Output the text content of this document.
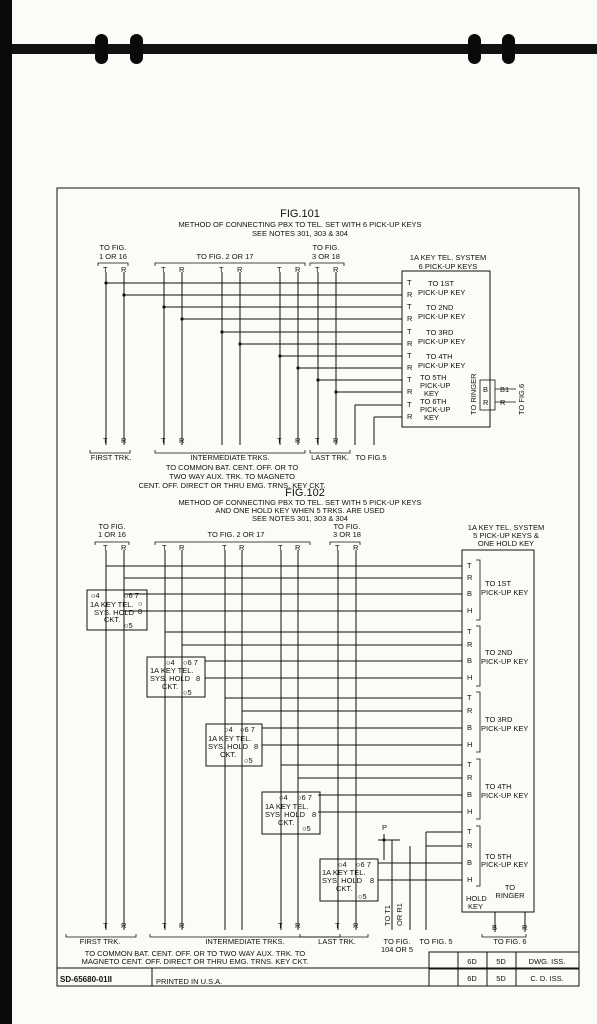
FIG.101
METHOD OF CONNECTING PBX TO TEL. SET WITH 6 PICK-UP KEYS
SEE NOTES 301, 303 & 304
TO FIG.
1 OR 16	TO FIG. 2 OR 17
TO FIG.
3 OR 18
T R	T R	T R	T R T R
T R	T R	T R T R
1A KEY TEL. SYSTEM
6 PICK-UP KEYS
T
R
T
R
T
R
T
R
T
R
T
R
TO 1ST
PICK-UP KEY
TO 2ND
PICK-UP KEY
TO 3RD
PICK-UP KEY
TO 4TH
PICK-UP KEY
TO 5TH
PICK-UP
KEY
TO 6TH
PICK-UP
KEY
TO RINGER B
R
B1
R TO FIG.6
FIRST TRK.	INTERMEDIATE TRKS.	LAST TRK. TO FIG.5
TO COMMON BAT. CENT. OFF. OR TO
TWO WAY AUX. TRK. TO MAGNETO
CENT. OFF. DIRECT OR THRU EMG. TRNS. KEY CKT.
FIG.102
METHOD OF CONNECTING PBX TO TEL. SET WITH 5 PICK-UP KEYS
AND ONE HOLD KEY WHEN 5 TRKS. ARE USED
SEE NOTES 301, 303 & 304
TO FIG.
1 OR 16	TO FIG. 2 OR 17
TO FIG.
3 OR 18
1A KEY TEL. SYSTEM
5 PICK-UP KEYS &
ONE HOLD KEY
T R	T R	T R	T R	T R
T R	T R	T R	T R
T
R
B
H
T
R
B
H
T
R
B
H
T
R
B
H
T
R
B
H
TO 1ST
PICK-UP KEY
TO 2ND
PICK-UP KEY
TO 3RD
PICK-UP KEY
TO 4TH
PICK-UP KEY
TO 5TH
PICK-UP KEY
○4	○6 7
1A KEY TEL.
SYS. HOLD
CKT.
○
8
○5
○4 ○6 7
1A KEY TEL.
SYS. HOLD
CKT.
8
○5
○4 ○6 7
1A KEY TEL.
SYS. HOLD
CKT.
8
○5
○4 ○6 7
1A KEY TEL.
SYS. HOLD
CKT.
8
○5
○4 ○6 7
1A KEY TEL.
SYS. HOLD
CKT.
8
○5
P
TO T1 OR R1
HOLD
KEY
TO
RINGER
B	R
FIRST TRK.	INTERMEDIATE TRKS.	LAST TRK.	TO FIG.
104 OR 5
TO FIG. 5	TO FIG. 6
TO COMMON BAT. CENT. OFF. OR TO TWO WAY AUX. TRK. TO
MAGNETO CENT. OFF. DIRECT OR THRU EMG. TRNS. KEY CKT.
SD-65680-01II	PRINTED IN U.S.A.
6D	5D	DWG. ISS.
6D	5D	C. D. ISS.
